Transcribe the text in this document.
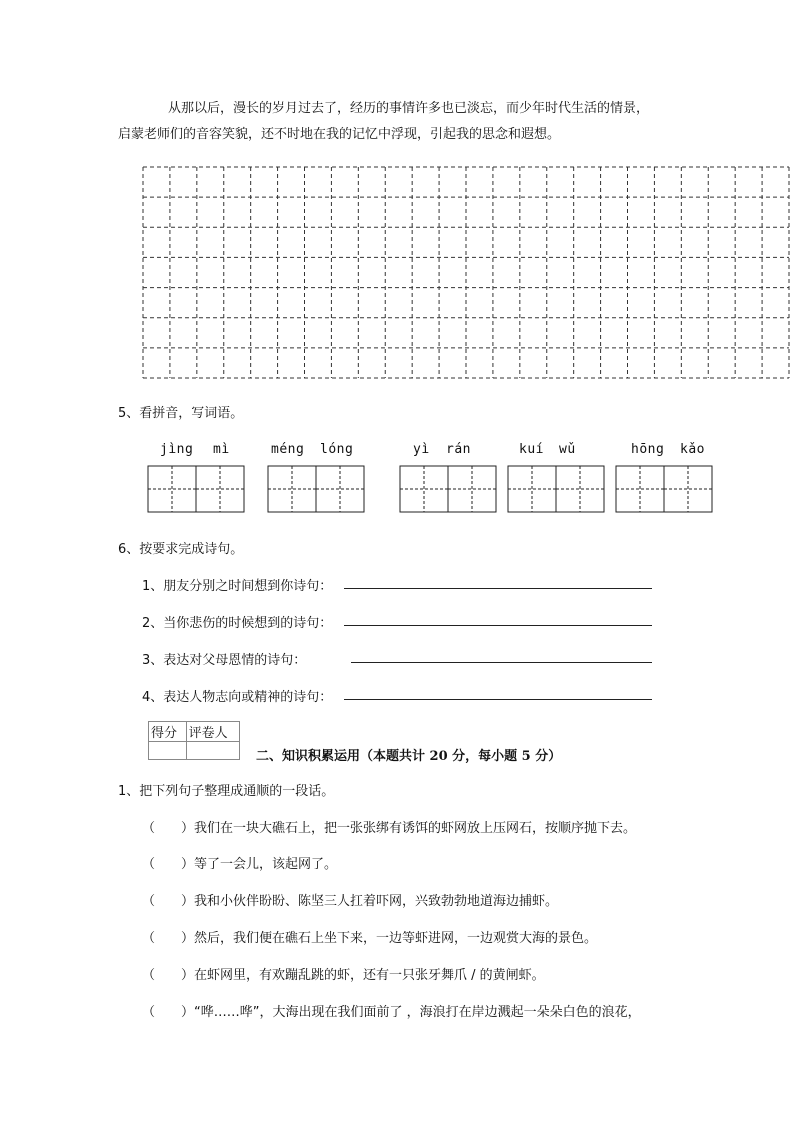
从那以后，漫长的岁月过去了，经历的事情许多也已淡忘，而少年时代生活的情景，

启蒙老师们的音容笑貌，还不时地在我的记忆中浮现，引起我的思念和遐想。

5、看拼音，写词语。
jìng mì	méng lóng	yì rán	kuí wǔ	hōng kǎo
6、按要求完成诗句。
1、朋友分别之时间想到你诗句：
2、当你悲伤的时候想到的诗句：
3、表达对父母恩情的诗句：
4、表达人物志向或精神的诗句：
得分	评卷人

二、知识积累运用（本题共计 20 分，每小题 5 分）
1、把下列句子整理成通顺的一段话。
（　　）我们在一块大礁石上，把一张张绑有诱饵的虾网放上压网石，按顺序抛下去。
（　　）等了一会儿，该起网了。
（　　）我和小伙伴盼盼、陈坚三人扛着吓网，兴致勃勃地道海边捕虾。
（　　）然后，我们便在礁石上坐下来，一边等虾进网，一边观赏大海的景色。
（　　）在虾网里，有欢蹦乱跳的虾，还有一只张牙舞爪 / 的黄闸虾。
（　　）“哗……哗”，大海出现在我们面前了 ，海浪打在岸边溅起一朵朵白色的浪花，
